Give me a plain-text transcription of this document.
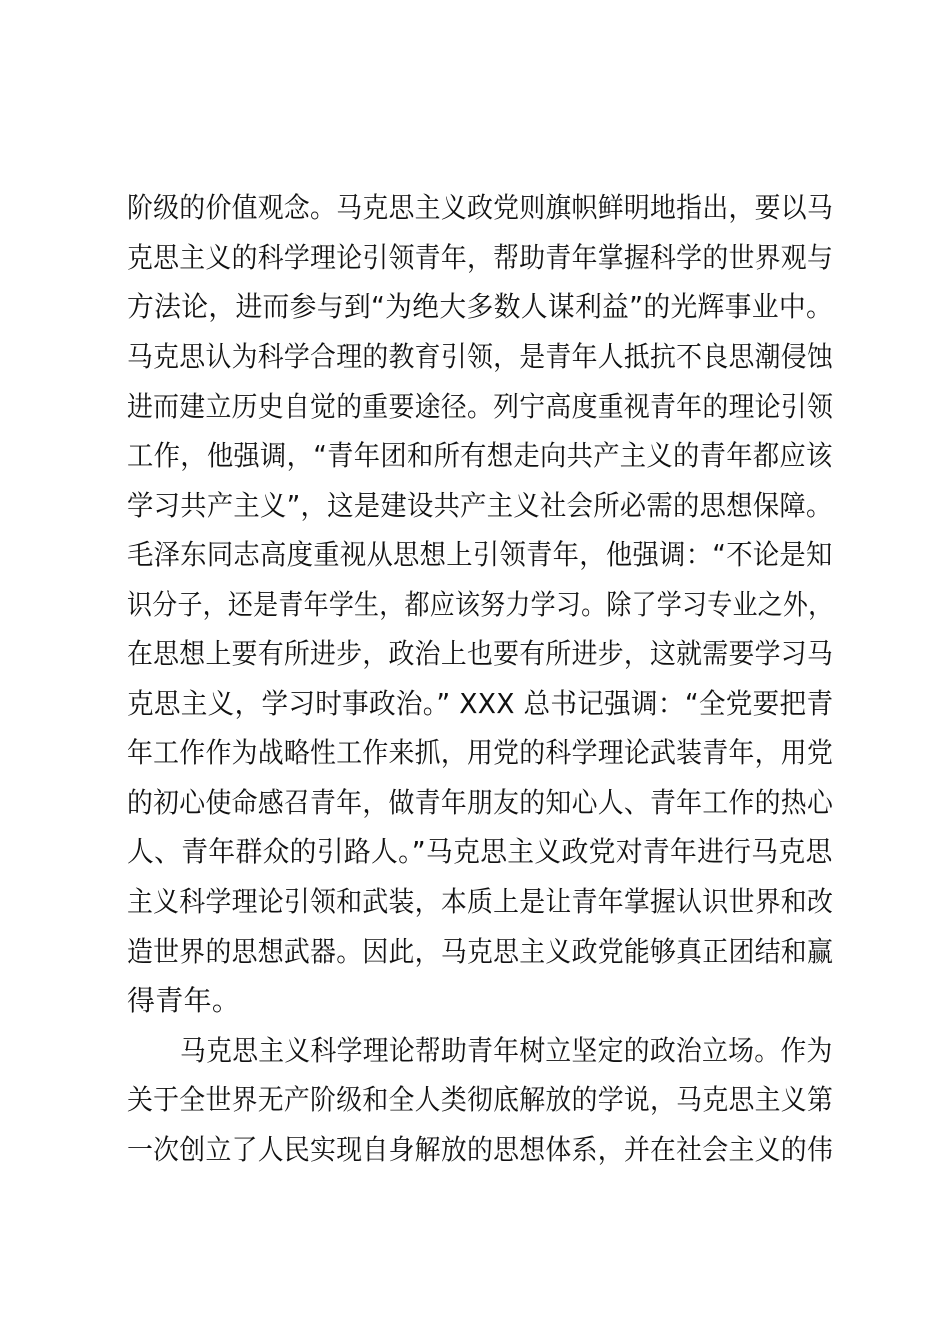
阶级的价值观念。马克思主义政党则旗帜鲜明地指出，要以马
克思主义的科学理论引领青年，帮助青年掌握科学的世界观与
方法论，进而参与到“为绝大多数人谋利益”的光辉事业中。
马克思认为科学合理的教育引领，是青年人抵抗不良思潮侵蚀
进而建立历史自觉的重要途径。列宁高度重视青年的理论引领
工作，他强调，“青年团和所有想走向共产主义的青年都应该
学习共产主义”，这是建设共产主义社会所必需的思想保障。
毛泽东同志高度重视从思想上引领青年，他强调：“不论是知
识分子，还是青年学生，都应该努力学习。除了学习专业之外，
在思想上要有所进步，政治上也要有所进步，这就需要学习马
克思主义，学习时事政治。” XXX 总书记强调：“全党要把青
年工作作为战略性工作来抓，用党的科学理论武装青年，用党
的初心使命感召青年，做青年朋友的知心人、青年工作的热心
人、青年群众的引路人。”马克思主义政党对青年进行马克思
主义科学理论引领和武装，本质上是让青年掌握认识世界和改
造世界的思想武器。因此，马克思主义政党能够真正团结和赢
得青年。
马克思主义科学理论帮助青年树立坚定的政治立场。作为
关于全世界无产阶级和全人类彻底解放的学说，马克思主义第
一次创立了人民实现自身解放的思想体系，并在社会主义的伟
